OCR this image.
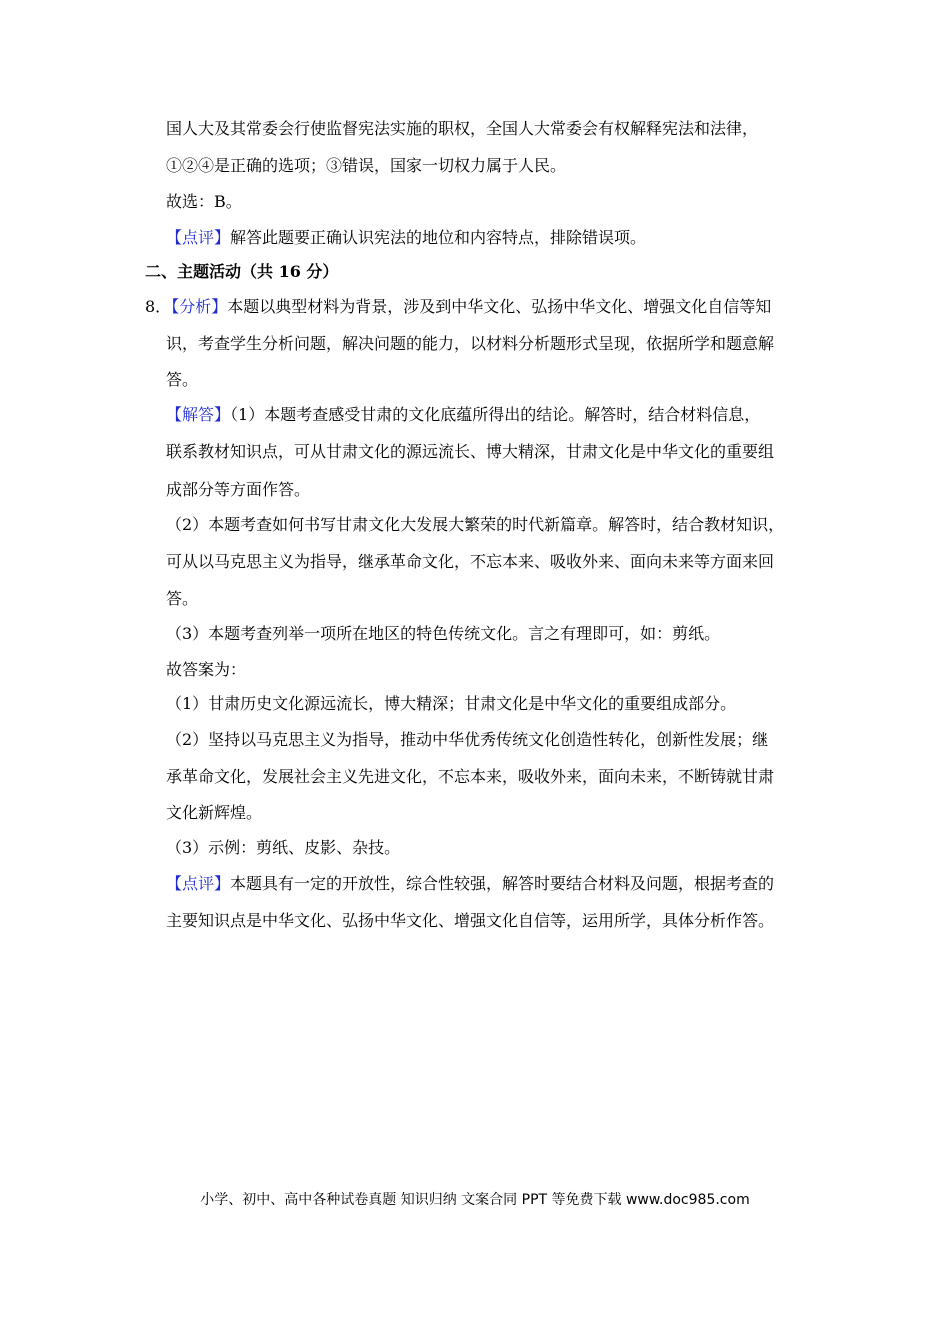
国人大及其常委会行使监督宪法实施的职权，全国人大常委会有权解释宪法和法律，
①②④是正确的选项；③错误，国家一切权力属于人民。
故选：B。
【点评】解答此题要正确认识宪法的地位和内容特点，排除错误项。
二、主题活动（共 16 分）
8．【分析】本题以典型材料为背景，涉及到中华文化、弘扬中华文化、增强文化自信等知
识，考查学生分析问题，解决问题的能力，以材料分析题形式呈现，依据所学和题意解
答。
【解答】（1）本题考查感受甘肃的文化底蕴所得出的结论。解答时，结合材料信息，
联系教材知识点，可从甘肃文化的源远流长、博大精深，甘肃文化是中华文化的重要组
成部分等方面作答。
（2）本题考查如何书写甘肃文化大发展大繁荣的时代新篇章。解答时，结合教材知识，
可从以马克思主义为指导，继承革命文化，不忘本来、吸收外来、面向未来等方面来回
答。
（3）本题考查列举一项所在地区的特色传统文化。言之有理即可，如：剪纸。
故答案为：
（1）甘肃历史文化源远流长，博大精深；甘肃文化是中华文化的重要组成部分。
（2）坚持以马克思主义为指导，推动中华优秀传统文化创造性转化，创新性发展；继
承革命文化，发展社会主义先进文化，不忘本来，吸收外来，面向未来，不断铸就甘肃
文化新辉煌。
（3）示例：剪纸、皮影、杂技。
【点评】本题具有一定的开放性，综合性较强，解答时要结合材料及问题，根据考查的
主要知识点是中华文化、弘扬中华文化、增强文化自信等，运用所学，具体分析作答。
小学、初中、高中各种试卷真题 知识归纳 文案合同 PPT 等免费下载 www.doc985.com
